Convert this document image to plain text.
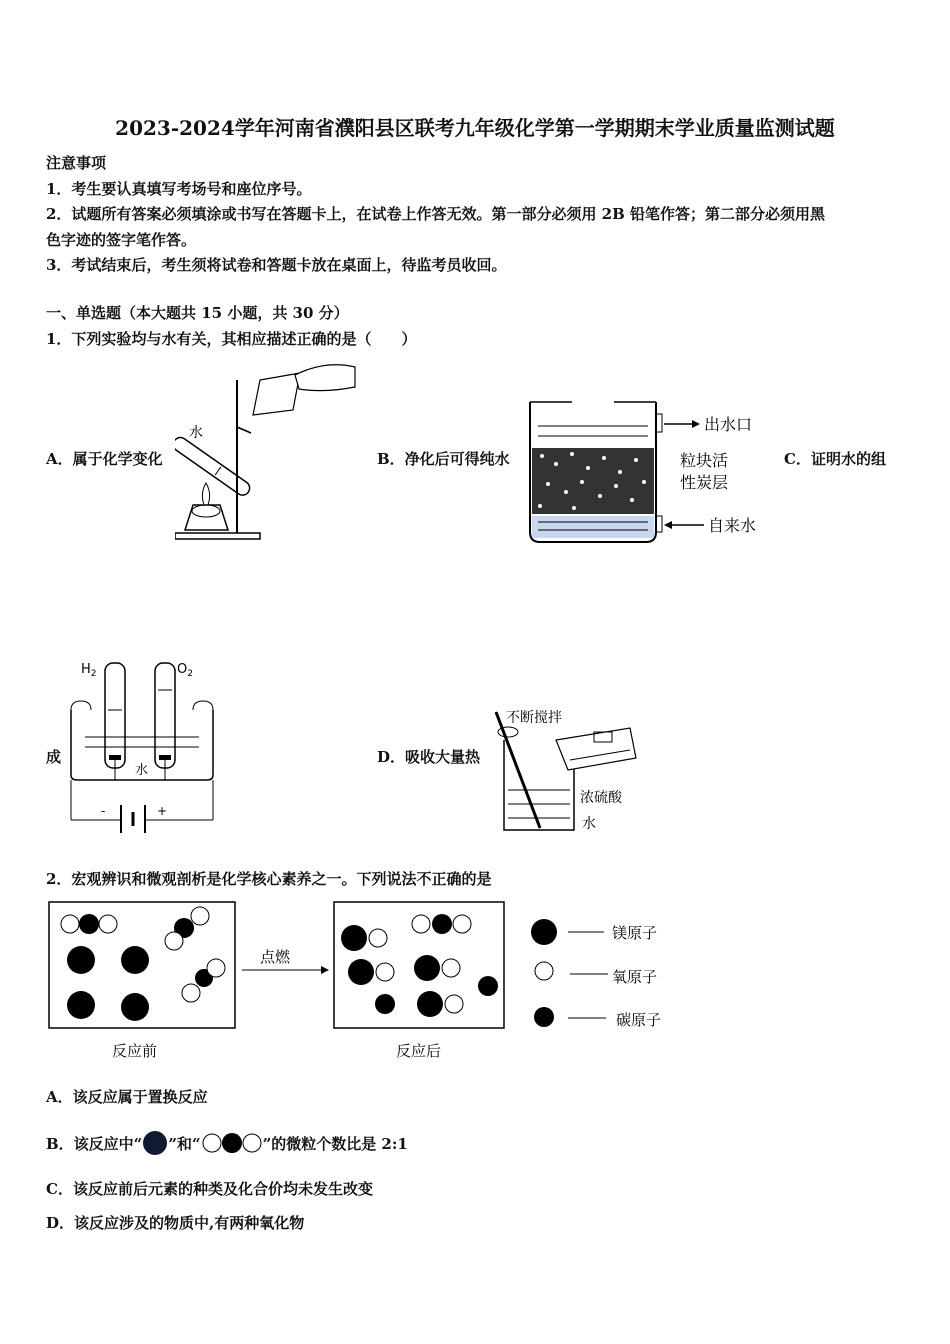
2023-2024学年河南省濮阳县区联考九年级化学第一学期期末学业质量监测试题
注意事项
1．考生要认真填写考场号和座位序号。
2．试题所有答案必须填涂或书写在答题卡上，在试卷上作答无效。第一部分必须用 2B 铅笔作答；第二部分必须用黑
色字迹的签字笔作答。
3．考试结束后，考生须将试卷和答题卡放在桌面上，待监考员收回。
一、单选题（本大题共 15 小题，共 30 分）
1．下列实验均与水有关，其相应描述正确的是（　　）
水
A．属于化学变化
出水口
粒块活
性炭层
自来水
B．净化后可得纯水	C．证明水的组
$H_2$	$O_2$
水
-	+
成	D．吸收大量热
不断搅拌
浓硫酸
水
2．宏观辨识和微观剖析是化学核心素养之一。下列说法不正确的是
点燃
反应前	反应后
镁原子
氧原子
碳原子
A．该反应属于置换反应
B．该反应中“ ”和“	”的微粒个数比是 2:1
C．该反应前后元素的种类及化合价均未发生改变
D．该反应涉及的物质中,有两种氧化物
